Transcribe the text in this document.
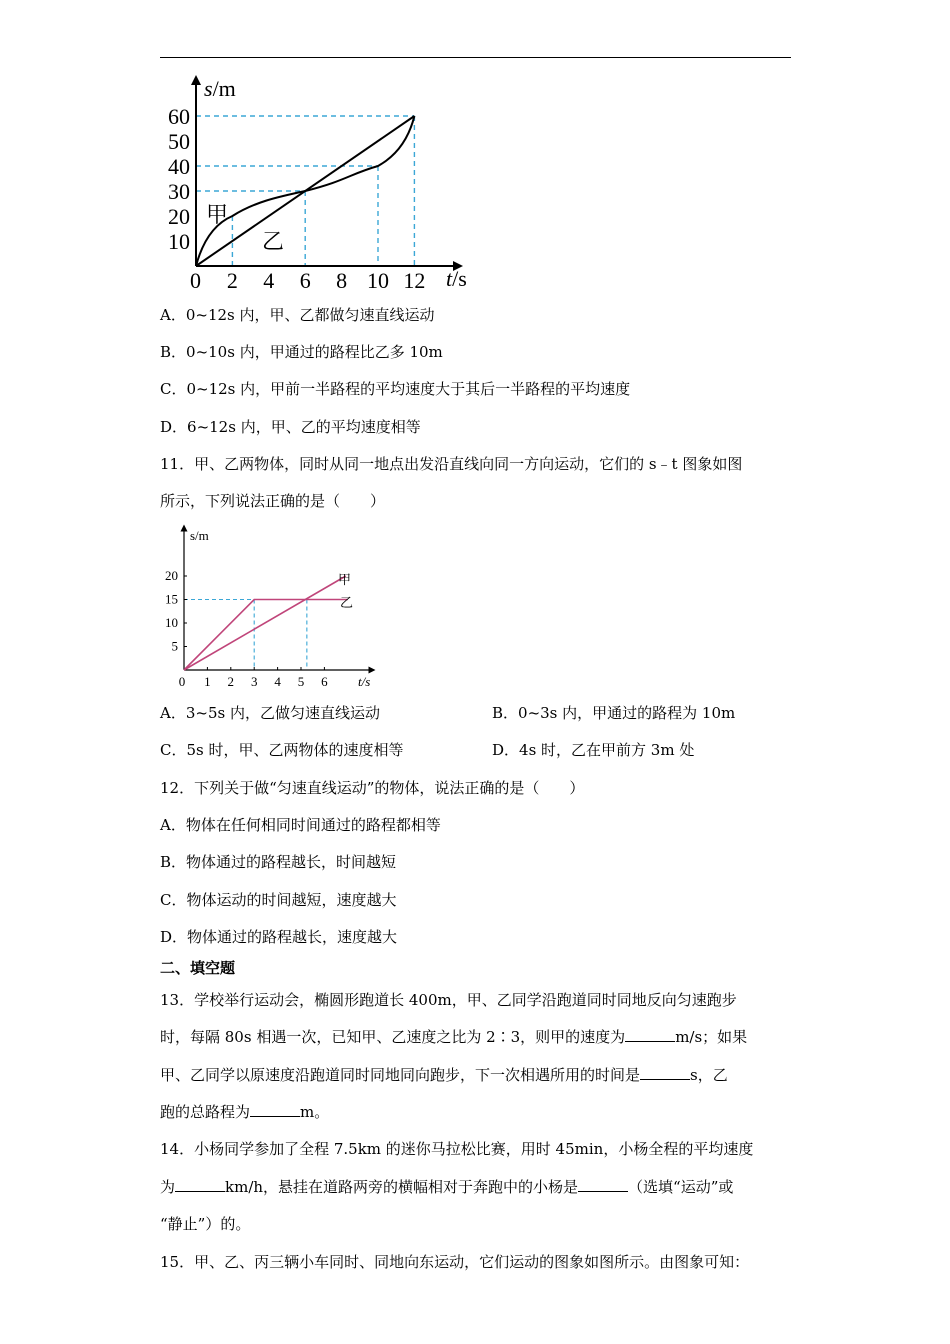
2 4 6 8 10 12
10
20
30
40
50
60
s/m
t/s
0
甲
乙
A．0~12s 内，甲、乙都做匀速直线运动
B．0~10s 内，甲通过的路程比乙多 10m
C．0~12s 内，甲前一半路程的平均速度大于其后一半路程的平均速度
D．6~12s 内，甲、乙的平均速度相等
11．甲、乙两物体，同时从同一地点出发沿直线向同一方向运动，它们的 s﹣t 图象如图
所示，下列说法正确的是（　　）
0 1 2 3 4 5 6
5
10
15
20
s/m
t/s
甲
乙
A．3~5s 内，乙做匀速直线运动	B．0~3s 内，甲通过的路程为 10m
C．5s 时，甲、乙两物体的速度相等	D．4s 时，乙在甲前方 3m 处
12．下列关于做“匀速直线运动”的物体，说法正确的是（　　）
A．物体在任何相同时间通过的路程都相等
B．物体通过的路程越长，时间越短
C．物体运动的时间越短，速度越大
D．物体通过的路程越长，速度越大
二、填空题
13．学校举行运动会，椭圆形跑道长 400m，甲、乙同学沿跑道同时同地反向匀速跑步
时，每隔 80s 相遇一次，已知甲、乙速度之比为 2∶3，则甲的速度为	m/s；如果
甲、乙同学以原速度沿跑道同时同地同向跑步，下一次相遇所用的时间是	s，乙
跑的总路程为	m。
14．小杨同学参加了全程 7.5km 的迷你马拉松比赛，用时 45min，小杨全程的平均速度
为	km/h，悬挂在道路两旁的横幅相对于奔跑中的小杨是	（选填“运动”或
“静止”）的。
15．甲、乙、丙三辆小车同时、同地向东运动，它们运动的图象如图所示。由图象可知：
